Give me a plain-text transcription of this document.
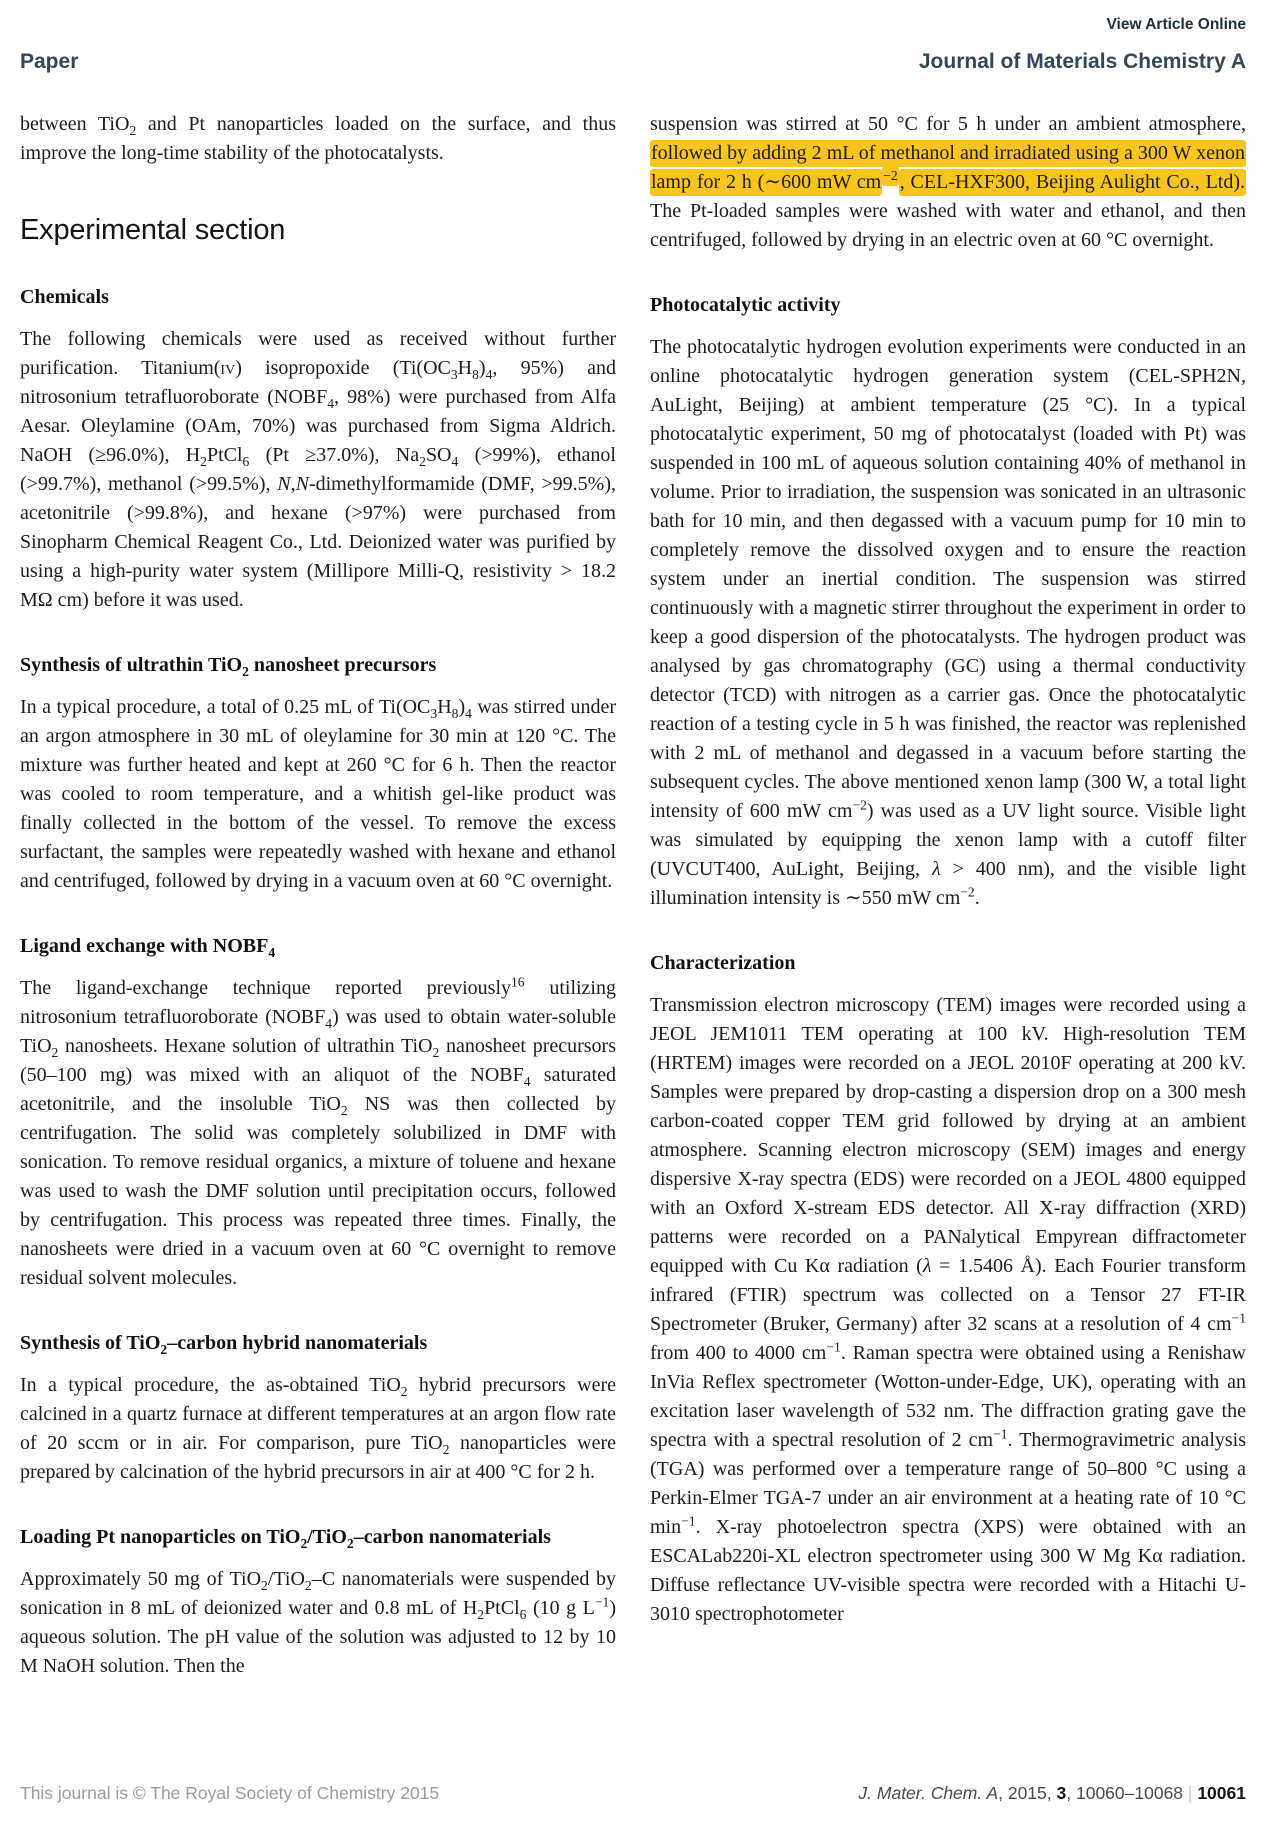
View Article Online
Paper	Journal of Materials Chemistry A

between TiO$_2$ and Pt nanoparticles loaded on the surface, and thus improve the long-time stability of the photocatalysts.

Experimental section
Chemicals

The following chemicals were used as received without further purification. Titanium(iv) isopropoxide ($Ti(OC_3H_8)_4$, 95%) and nitrosonium tetrafluoroborate ($NOBF_4$, 98%) were purchased from Alfa Aesar. Oleylamine (OAm, 70%) was purchased from Sigma Aldrich. NaOH (≥96.0%), $H_2PtCl_6$ (Pt ≥37.0%), $Na_2SO_4$ (>99%), ethanol (>99.7%), methanol (>99.5%), N,N-dimethylformamide (DMF, >99.5%), acetonitrile (>99.8%), and hexane (>97%) were purchased from Sinopharm Chemical Reagent Co., Ltd. Deionized water was purified by using a high-purity water system (Millipore Milli-Q, resistivity > 18.2 MΩ cm) before it was used.

Synthesis of ultrathin TiO$_2$ nanosheet precursors

In a typical procedure, a total of 0.25 mL of $Ti(OC_3H_8)_4$ was stirred under an argon atmosphere in 30 mL of oleylamine for 30 min at 120 °C. The mixture was further heated and kept at 260 °C for 6 h. Then the reactor was cooled to room temperature, and a whitish gel-like product was finally collected in the bottom of the vessel. To remove the excess surfactant, the samples were repeatedly washed with hexane and ethanol and centrifuged, followed by drying in a vacuum oven at 60 °C overnight.

Ligand exchange with $NOBF_4$

The ligand-exchange technique reported previously$^{16}$ utilizing nitrosonium tetrafluoroborate $(NOBF_4)$ was used to obtain water-soluble TiO$_2$ nanosheets. Hexane solution of ultrathin TiO$_2$ nanosheet precursors (50–100 mg) was mixed with an aliquot of the $NOBF_4$ saturated acetonitrile, and the insoluble TiO$_2$ NS was then collected by centrifugation. The solid was completely solubilized in DMF with sonication. To remove residual organics, a mixture of toluene and hexane was used to wash the DMF solution until precipitation occurs, followed by centrifugation. This process was repeated three times. Finally, the nanosheets were dried in a vacuum oven at 60 °C overnight to remove residual solvent molecules.

Synthesis of TiO$_2$–carbon hybrid nanomaterials

In a typical procedure, the as-obtained TiO$_2$ hybrid precursors were calcined in a quartz furnace at different temperatures at an argon flow rate of 20 sccm or in air. For comparison, pure TiO$_2$ nanoparticles were prepared by calcination of the hybrid precursors in air at 400 °C for 2 h.

Loading Pt nanoparticles on TiO$_2$/TiO$_2$–carbon nanomaterials

Approximately 50 mg of TiO$_2$/TiO$_2$–C nanomaterials were suspended by sonication in 8 mL of deionized water and 0.8 mL of $H_2PtCl_6$ (10 g $L^{-1}$) aqueous solution. The pH value of the solution was adjusted to 12 by 10 M NaOH solution. Then the

suspension was stirred at 50 °C for 5 h under an ambient atmosphere, followed by adding 2 mL of methanol and irradiated using a 300 W xenon lamp for 2 h (∼600 mW cm $^{-2}$ , CEL-HXF300, Beijing Aulight Co., Ltd). The Pt-loaded samples were washed with water and ethanol, and then centrifuged, followed by drying in an electric oven at 60 °C overnight.

Photocatalytic activity

The photocatalytic hydrogen evolution experiments were conducted in an online photocatalytic hydrogen generation system (CEL-SPH2N, AuLight, Beijing) at ambient temperature (25 °C). In a typical photocatalytic experiment, 50 mg of photocatalyst (loaded with Pt) was suspended in 100 mL of aqueous solution containing 40% of methanol in volume. Prior to irradiation, the suspension was sonicated in an ultrasonic bath for 10 min, and then degassed with a vacuum pump for 10 min to completely remove the dissolved oxygen and to ensure the reaction system under an inertial condition. The suspension was stirred continuously with a magnetic stirrer throughout the experiment in order to keep a good dispersion of the photocatalysts. The hydrogen product was analysed by gas chromatography (GC) using a thermal conductivity detector (TCD) with nitrogen as a carrier gas. Once the photocatalytic reaction of a testing cycle in 5 h was finished, the reactor was replenished with 2 mL of methanol and degassed in a vacuum before starting the subsequent cycles. The above mentioned xenon lamp (300 W, a total light intensity of 600 mW $cm^{-2}$) was used as a UV light source. Visible light was simulated by equipping the xenon lamp with a cutoff filter (UVCUT400, AuLight, Beijing, λ > 400 nm), and the visible light illumination intensity is ∼550 mW $cm^{-2}$.

Characterization

Transmission electron microscopy (TEM) images were recorded using a JEOL JEM1011 TEM operating at 100 kV. High-resolution TEM (HRTEM) images were recorded on a JEOL 2010F operating at 200 kV. Samples were prepared by drop-casting a dispersion drop on a 300 mesh carbon-coated copper TEM grid followed by drying at an ambient atmosphere. Scanning electron microscopy (SEM) images and energy dispersive X-ray spectra (EDS) were recorded on a JEOL 4800 equipped with an Oxford X-stream EDS detector. All X-ray diffraction (XRD) patterns were recorded on a PANalytical Empyrean diffractometer equipped with Cu Kα radiation (λ = 1.5406 Å). Each Fourier transform infrared (FTIR) spectrum was collected on a Tensor 27 FT-IR Spectrometer (Bruker, Germany) after 32 scans at a resolution of 4 $cm^{-1}$ from 400 to 4000 $cm^{-1}$. Raman spectra were obtained using a Renishaw InVia Reflex spectrometer (Wotton-under-Edge, UK), operating with an excitation laser wavelength of 532 nm. The diffraction grating gave the spectra with a spectral resolution of 2 $cm^{-1}$. Thermogravimetric analysis (TGA) was performed over a temperature range of 50–800 °C using a Perkin-Elmer TGA-7 under an air environment at a heating rate of 10 °C $\min^{-1}$. X-ray photoelectron spectra (XPS) were obtained with an ESCALab220i-XL electron spectrometer using 300 W Mg Kα radiation. Diffuse reflectance UV-visible spectra were recorded with a Hitachi U-3010 spectrophotometer

This journal is © The Royal Society of Chemistry 2015	J. Mater. Chem. A, 2015, 3, 10060–10068 | 10061
